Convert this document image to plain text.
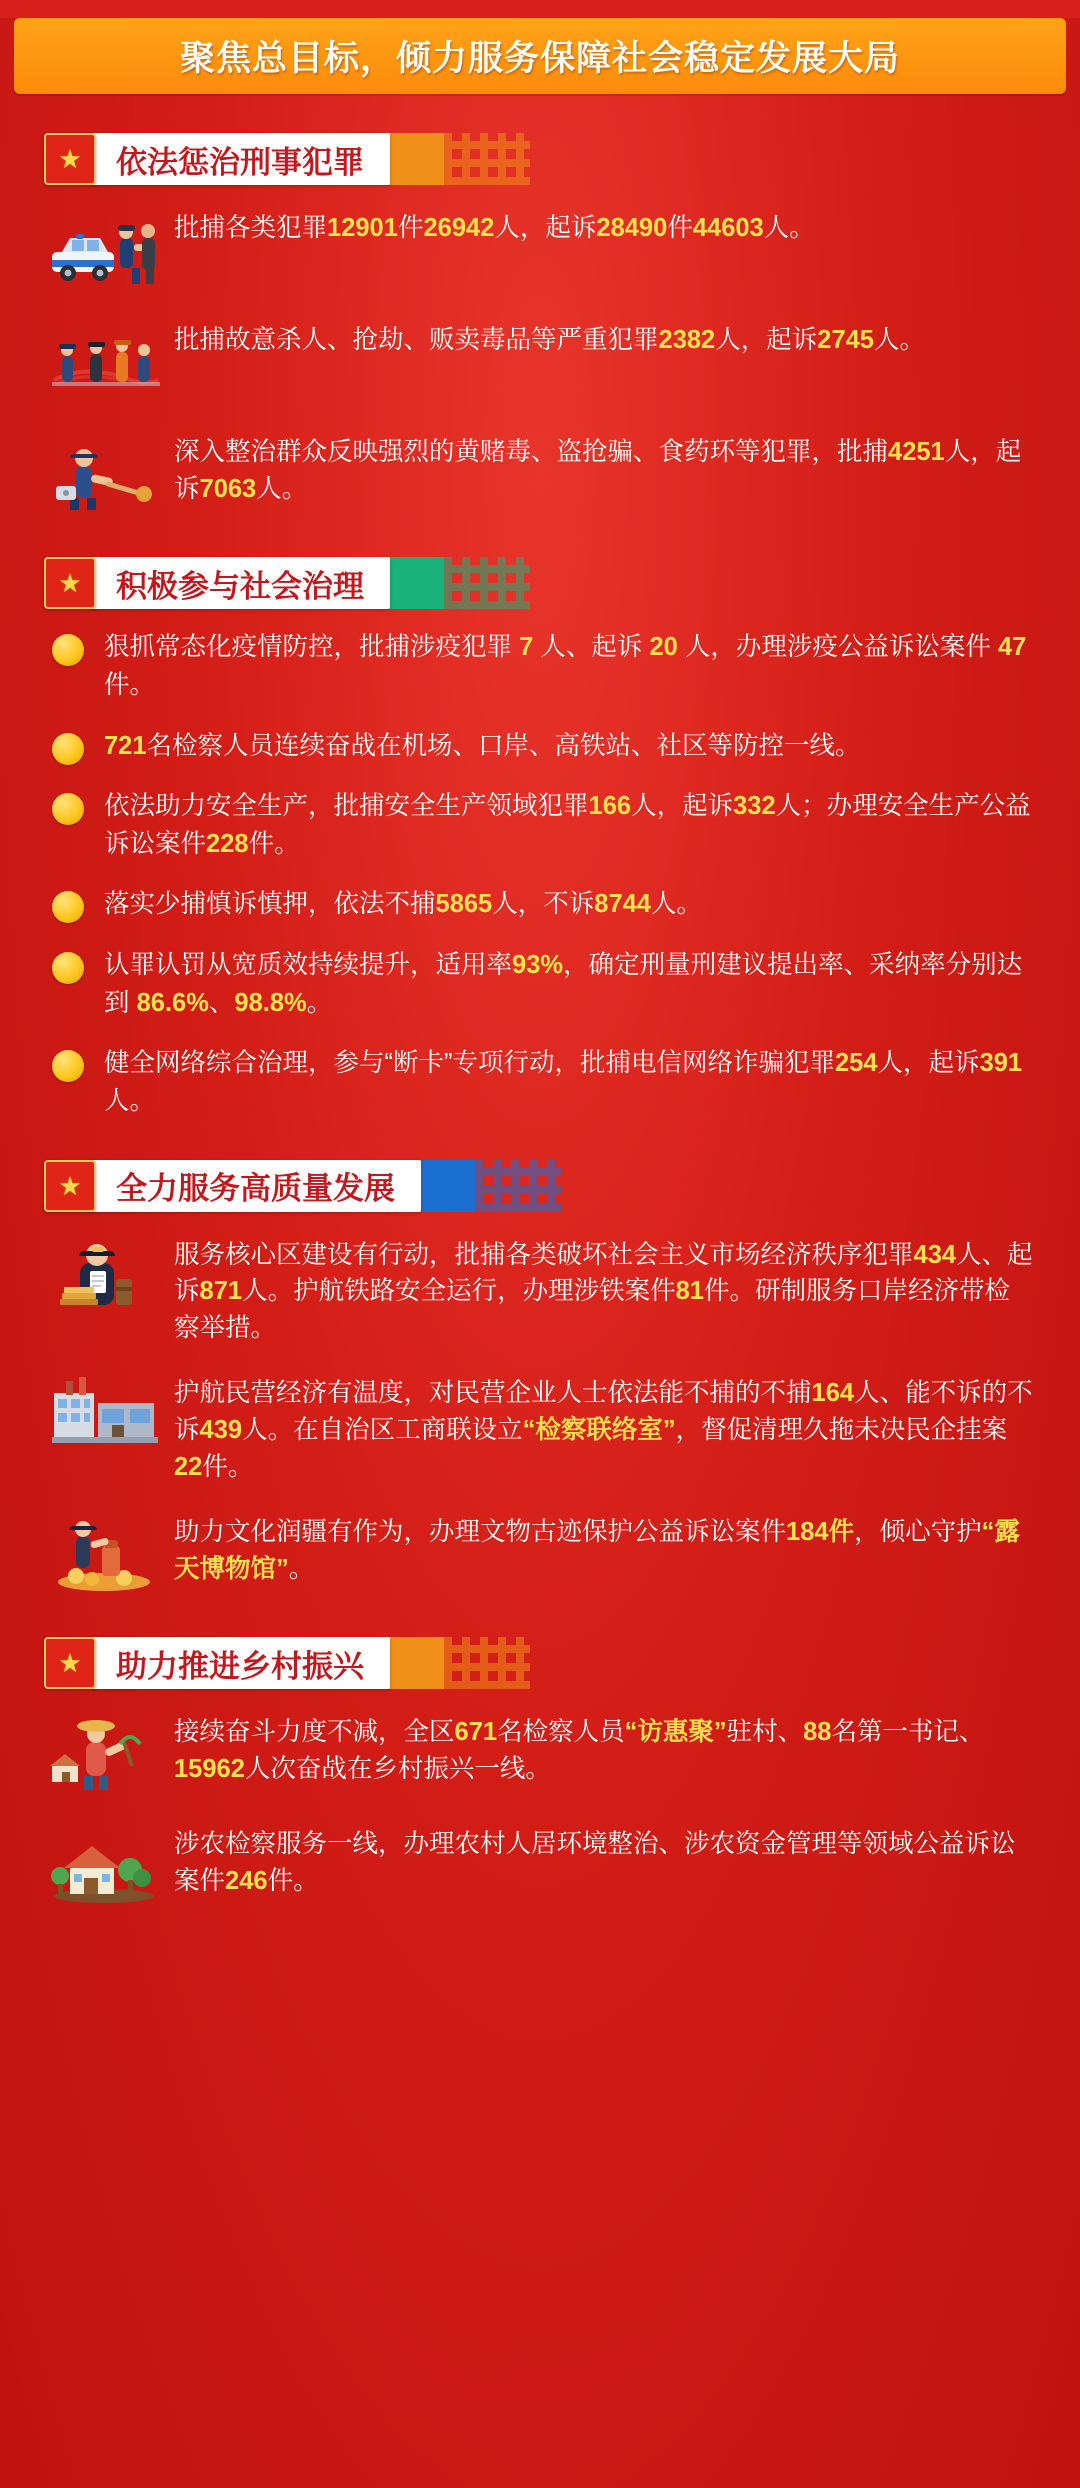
聚焦总目标，倾力服务保障社会稳定发展大局
★ 依法惩治刑事犯罪
批捕各类犯罪12901件26942人，起诉28490件44603人。
批捕故意杀人、抢劫、贩卖毒品等严重犯罪2382人，起诉2745人。
深入整治群众反映强烈的黄赌毒、盗抢骗、食药环等犯罪，批捕4251人，起诉7063人。
★ 积极参与社会治理
狠抓常态化疫情防控，批捕涉疫犯罪 7 人、起诉 20 人，办理涉疫公益诉讼案件 47 件。
721名检察人员连续奋战在机场、口岸、高铁站、社区等防控一线。
依法助力安全生产，批捕安全生产领域犯罪166人，起诉332人；办理安全生产公益诉讼案件228件。
落实少捕慎诉慎押，依法不捕5865人，不诉8744人。
认罪认罚从宽质效持续提升，适用率93%，确定刑量刑建议提出率、采纳率分别达到 86.6%、98.8%。
健全网络综合治理，参与“断卡”专项行动，批捕电信网络诈骗犯罪254人，起诉391人。
★ 全力服务高质量发展
服务核心区建设有行动，批捕各类破坏社会主义市场经济秩序犯罪434人、起诉871人。护航铁路安全运行，办理涉铁案件81件。研制服务口岸经济带检察举措。
护航民营经济有温度，对民营企业人士依法能不捕的不捕164人、能不诉的不诉439人。在自治区工商联设立“检察联络室”，督促清理久拖未决民企挂案22件。
助力文化润疆有作为，办理文物古迹保护公益诉讼案件184件，倾心守护“露天博物馆”。
★ 助力推进乡村振兴
接续奋斗力度不减，全区671名检察人员“访惠聚”驻村、88名第一书记、15962人次奋战在乡村振兴一线。
涉农检察服务一线，办理农村人居环境整治、涉农资金管理等领域公益诉讼案件246件。
